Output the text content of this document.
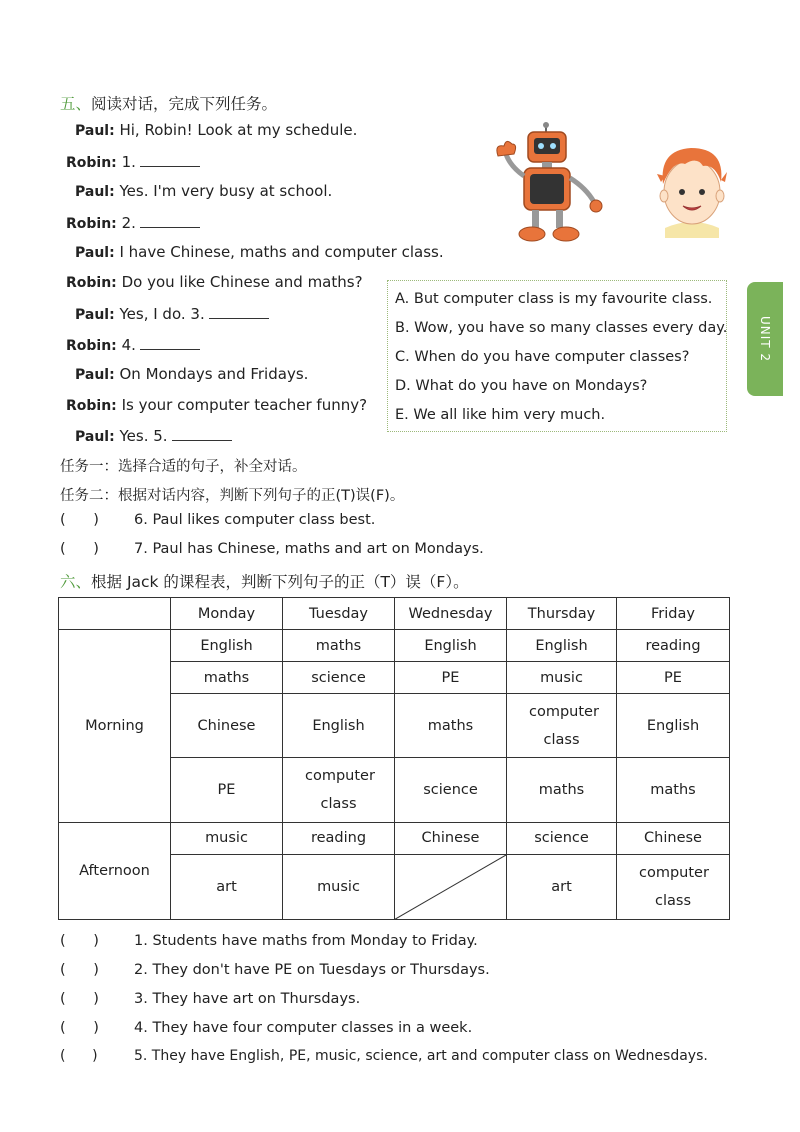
五、阅读对话，完成下列任务。
Paul: Hi, Robin! Look at my schedule.
Robin: 1.
Paul: Yes. I'm very busy at school.
Robin: 2.
Paul: I have Chinese, maths and computer class.
Robin: Do you like Chinese and maths?
Paul: Yes, I do. 3.
Robin: 4.
Paul: On Mondays and Fridays.
Robin: Is your computer teacher funny?
Paul: Yes. 5.
A. But computer class is my favourite class.
B. Wow, you have so many classes every day.
C. When do you have computer classes?
D. What do you have on Mondays?
E. We all like him very much.
UNIT 2
任务一：选择合适的句子，补全对话。
任务二：根据对话内容，判断下列句子的正(T)误(F)。
(      ) 6. Paul likes computer class best.
(      ) 7. Paul has Chinese, maths and art on Mondays.
六、根据 Jack 的课程表，判断下列句子的正（T）误（F）。
	Monday	Tuesday	Wednesday	Thursday	Friday
Morning	English	maths	English	English	reading
	maths	science	PE	music	PE
	Chinese	English	maths	computer class	English
	PE	computer class	science	maths	maths
Afternoon	music	reading	Chinese	science	Chinese
	art	music		art	computer class
(      ) 1. Students have maths from Monday to Friday.
(      ) 2. They don't have PE on Tuesdays or Thursdays.
(      ) 3. They have art on Thursdays.
(      ) 4. They have four computer classes in a week.
(      )	5. They have English, PE, music, science, art and computer class on Wednesdays.
